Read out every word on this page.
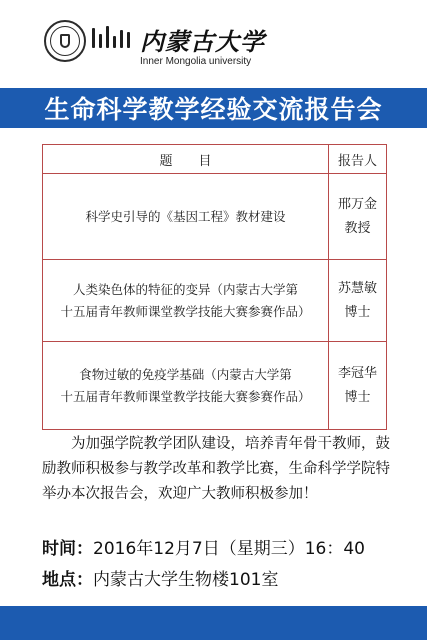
内蒙古大学
Inner Mongolia university
生命科学教学经验交流报告会
题　　目	报告人

科学史引导的《基因工程》教材建设	邢万金
教授

人类染色体的特征的变异（内蒙古大学第
十五届青年教师课堂教学技能大赛参赛作品）	苏慧敏
博士

食物过敏的免疫学基础（内蒙古大学第
十五届青年教师课堂教学技能大赛参赛作品）	李冠华
博士

为加强学院教学团队建设，培养青年骨干教师，鼓励教师积极参与教学改革和教学比赛，生命科学学院特举办本次报告会，欢迎广大教师积极参加！

时间：2016年12月7日（星期三）16：40
地点：内蒙古大学生物楼101室
